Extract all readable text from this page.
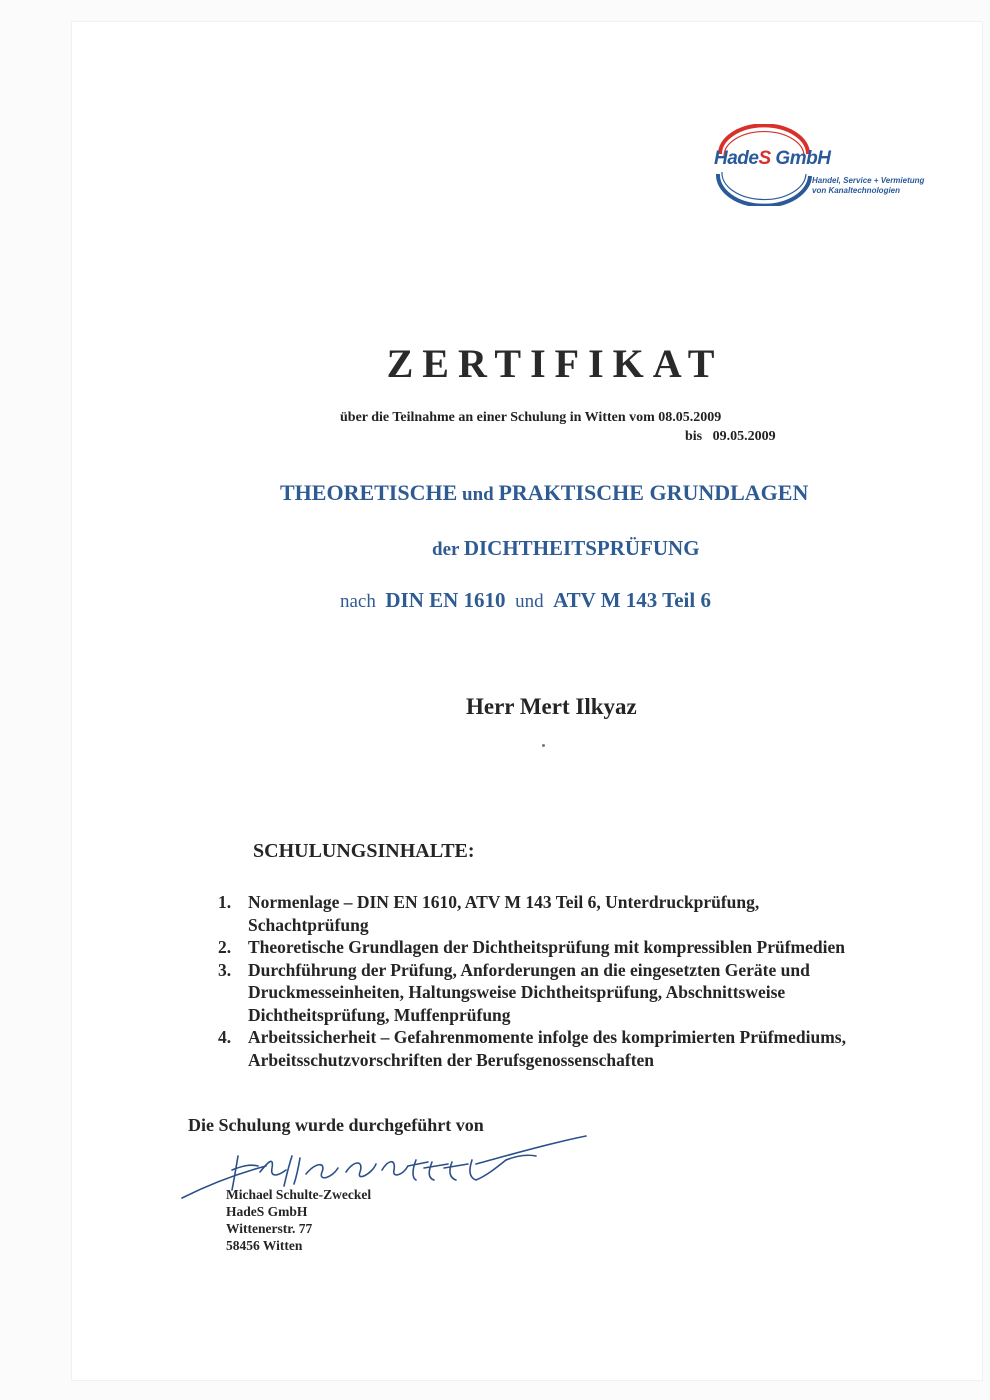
HadeS GmbH
Handel, Service + Vermietung
von Kanaltechnologien
ZERTIFIKAT
über die Teilnahme an einer Schulung in Witten vom 08.05.2009
bis   09.05.2009
THEORETISCHE und PRAKTISCHE GRUNDLAGEN
der DICHTHEITSPRÜFUNG
nach  DIN EN 1610  und  ATV M 143 Teil 6
Herr Mert Ilkyaz
SCHULUNGSINHALTE:
1. Normenlage – DIN EN 1610, ATV M 143 Teil 6, Unterdruckprüfung,
Schachtprüfung
2. Theoretische Grundlagen der Dichtheitsprüfung mit kompressiblen Prüfmedien
3. Durchführung der Prüfung, Anforderungen an die eingesetzten Geräte und
Druckmesseinheiten, Haltungsweise Dichtheitsprüfung, Abschnittsweise
Dichtheitsprüfung, Muffenprüfung
4. Arbeitssicherheit – Gefahrenmomente infolge des komprimierten Prüfmediums,
Arbeitsschutzvorschriften der Berufsgenossenschaften
Die Schulung wurde durchgeführt von
Michael Schulte-Zweckel
HadeS GmbH
Wittenerstr. 77
58456 Witten
